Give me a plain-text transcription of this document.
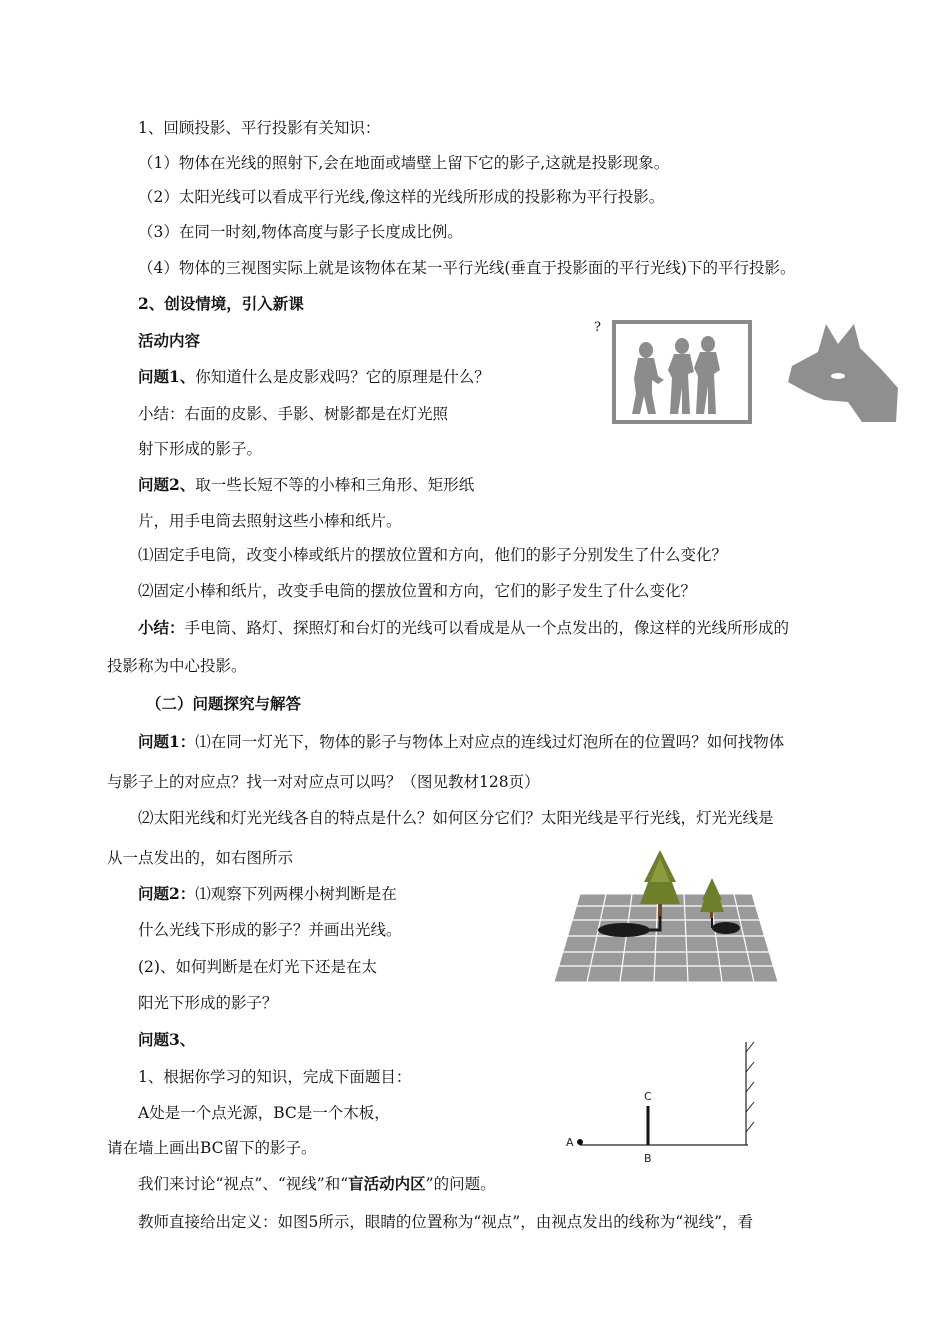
1、回顾投影、平行投影有关知识：
（1）物体在光线的照射下,会在地面或墙壁上留下它的影子,这就是投影现象。
（2）太阳光线可以看成平行光线,像这样的光线所形成的投影称为平行投影。
（3）在同一时刻,物体高度与影子长度成比例。
（4）物体的三视图实际上就是该物体在某一平行光线(垂直于投影面的平行光线)下的平行投影。
2、创设情境，引入新课
活动内容
问题1、你知道什么是皮影戏吗？它的原理是什么？
小结：右面的皮影、手影、树影都是在灯光照
射下形成的影子。
问题2、取一些长短不等的小棒和三角形、矩形纸
片，用手电筒去照射这些小棒和纸片。
⑴固定手电筒，改变小棒或纸片的摆放位置和方向，他们的影子分别发生了什么变化？
⑵固定小棒和纸片，改变手电筒的摆放位置和方向，它们的影子发生了什么变化？
小结：手电筒、路灯、探照灯和台灯的光线可以看成是从一个点发出的，像这样的光线所形成的
投影称为中心投影。
?
（二）问题探究与解答
问题1：⑴在同一灯光下，物体的影子与物体上对应点的连线过灯泡所在的位置吗？如何找物体
与影子上的对应点？找一对对应点可以吗？（图见教材128页）
⑵太阳光线和灯光光线各自的特点是什么？如何区分它们？太阳光线是平行光线，灯光光线是
从一点发出的，如右图所示
问题2：⑴观察下列两棵小树判断是在
什么光线下形成的影子？并画出光线。
(2)、如何判断是在灯光下还是在太
阳光下形成的影子？
问题3、
1、根据你学习的知识，完成下面题目：
A处是一个点光源，BC是一个木板，
请在墙上画出BC留下的影子。
我们来讨论“视点”、“视线”和“盲活动内区”的问题。
教师直接给出定义：如图5所示，眼睛的位置称为“视点”，由视点发出的线称为“视线”，看
A
B
C
